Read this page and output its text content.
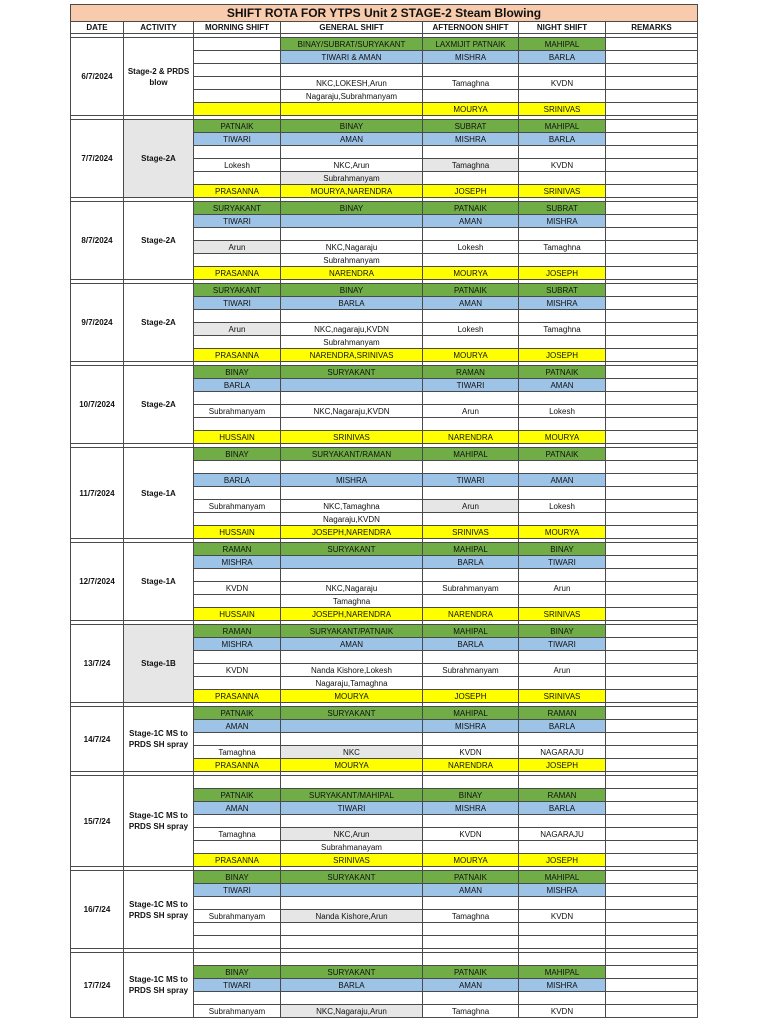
SHIFT ROTA FOR YTPS Unit 2 STAGE-2 Steam Blowing						
DATE	ACTIVITY	MORNING SHIFT	GENERAL SHIFT	AFTERNOON SHIFT	NIGHT SHIFT	REMARKS

6/7/2024	Stage-2 & PRDS blow		BINAY/SUBRAT/SURYAKANT	LAXMIJIT PATNAIK	MAHIPAL	
			TIWARI & AMAN	MISHRA	BARLA	

			NKC,LOKESH,Arun	Tamaghna	KVDN	
			Nagaraju,Subrahmanyam			
				MOURYA	SRINIVAS	

7/7/2024	Stage-2A	PATNAIK	BINAY	SUBRAT	MAHIPAL	
		TIWARI	AMAN	MISHRA	BARLA	

		Lokesh	NKC,Arun	Tamaghna	KVDN	
			Subrahmanyam			
		PRASANNA	MOURYA,NARENDRA	JOSEPH	SRINIVAS	

8/7/2024	Stage-2A	SURYAKANT	BINAY	PATNAIK	SUBRAT	
		TIWARI		AMAN	MISHRA	

		Arun	NKC,Nagaraju	Lokesh	Tamaghna	
			Subrahmanyam			
		PRASANNA	NARENDRA	MOURYA	JOSEPH	

9/7/2024	Stage-2A	SURYAKANT	BINAY	PATNAIK	SUBRAT	
		TIWARI	BARLA	AMAN	MISHRA	

		Arun	NKC,nagaraju,KVDN	Lokesh	Tamaghna	
			Subrahmanyam			
		PRASANNA	NARENDRA,SRINIVAS	MOURYA	JOSEPH	

10/7/2024	Stage-2A	BINAY	SURYAKANT	RAMAN	PATNAIK	
		BARLA		TIWARI	AMAN	

		Subrahmanyam	NKC,Nagaraju,KVDN	Arun	Lokesh	

		HUSSAIN	SRINIVAS	NARENDRA	MOURYA	

11/7/2024	Stage-1A	BINAY	SURYAKANT/RAMAN	MAHIPAL	PATNAIK	

		BARLA	MISHRA	TIWARI	AMAN	

		Subrahmanyam	NKC,Tamaghna	Arun	Lokesh	
			Nagaraju,KVDN			
		HUSSAIN	JOSEPH,NARENDRA	SRINIVAS	MOURYA	

12/7/2024	Stage-1A	RAMAN	SURYAKANT	MAHIPAL	BINAY	
		MISHRA		BARLA	TIWARI	

		KVDN	NKC,Nagaraju	Subrahmanyam	Arun	
			Tamaghna			
		HUSSAIN	JOSEPH,NARENDRA	NARENDRA	SRINIVAS	

13/7/24	Stage-1B	RAMAN	SURYAKANT/PATNAIK	MAHIPAL	BINAY	
		MISHRA	AMAN	BARLA	TIWARI	

		KVDN	Nanda Kishore,Lokesh	Subrahmanyam	Arun	
			Nagaraju,Tamaghna			
		PRASANNA	MOURYA	JOSEPH	SRINIVAS	

14/7/24	Stage-1C MS to PRDS SH spray	PATNAIK	SURYAKANT	MAHIPAL	RAMAN	
		AMAN		MISHRA	BARLA	

		Tamaghna	NKC	KVDN	NAGARAJU	
		PRASANNA	MOURYA	NARENDRA	JOSEPH	

15/7/24	Stage-1C MS to PRDS SH spray					
		PATNAIK	SURYAKANT/MAHIPAL	BINAY	RAMAN	
		AMAN	TIWARI	MISHRA	BARLA	

		Tamaghna	NKC,Arun	KVDN	NAGARAJU	
			Subrahmanayam			
		PRASANNA	SRINIVAS	MOURYA	JOSEPH	

16/7/24	Stage-1C MS to PRDS SH spray	BINAY	SURYAKANT	PATNAIK	MAHIPAL	
		TIWARI		AMAN	MISHRA	

		Subrahmanyam	Nanda Kishore,Arun	Tamaghna	KVDN	

17/7/24	Stage-1C MS to PRDS SH spray					
		BINAY	SURYAKANT	PATNAIK	MAHIPAL	
		TIWARI	BARLA	AMAN	MISHRA	

		Subrahmanyam	NKC,Nagaraju,Arun	Tamaghna	KVDN	
